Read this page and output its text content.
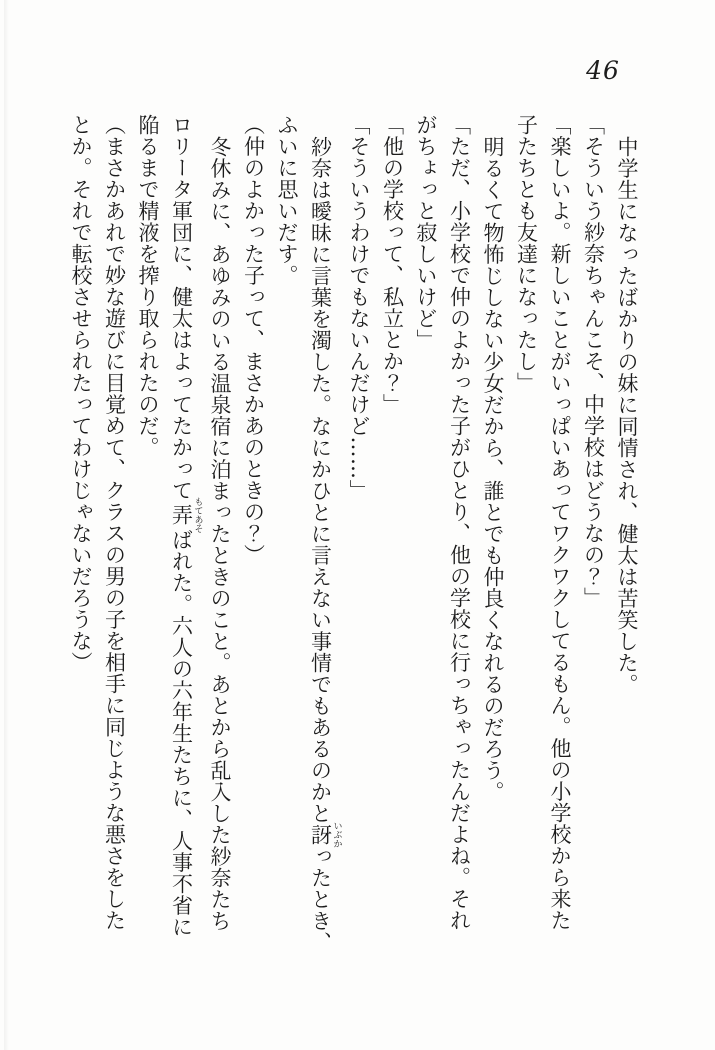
46

中学生になったばかりの妹に同情され、健太は苦笑した。

「そういう紗奈ちゃんこそ、中学校はどうなの？」

「楽しいよ。新しいことがいっぱいあってワクワクしてるもん。他の小学校から来た

子たちとも友達になったし」

明るくて物怖じしない少女だから、誰とでも仲良くなれるのだろう。

「ただ、小学校で仲のよかった子がひとり、他の学校に行っちゃったんだよね。それ

がちょっと寂しいけど」

「他の学校って、私立とか？」

「そういうわけでもないんだけど……」

紗奈は曖昧に言葉を濁した。なにかひとに言えない事情でもあるのかと訝 いぶかったとき、

ふいに思いだす。

（仲のよかった子って、まさかあのときの？）

冬休みに、あゆみのいる温泉宿に泊まったときのこと。あとから乱入した紗奈たち

ロリータ軍団に、健太はよってたかって弄 もてあそばれた。六人の六年生たちに、人事不省に

陥るまで精液を搾り取られたのだ。

（まさかあれで妙な遊びに目覚めて、クラスの男の子を相手に同じような悪さをした

とか。それで転校させられたってわけじゃないだろうな）
